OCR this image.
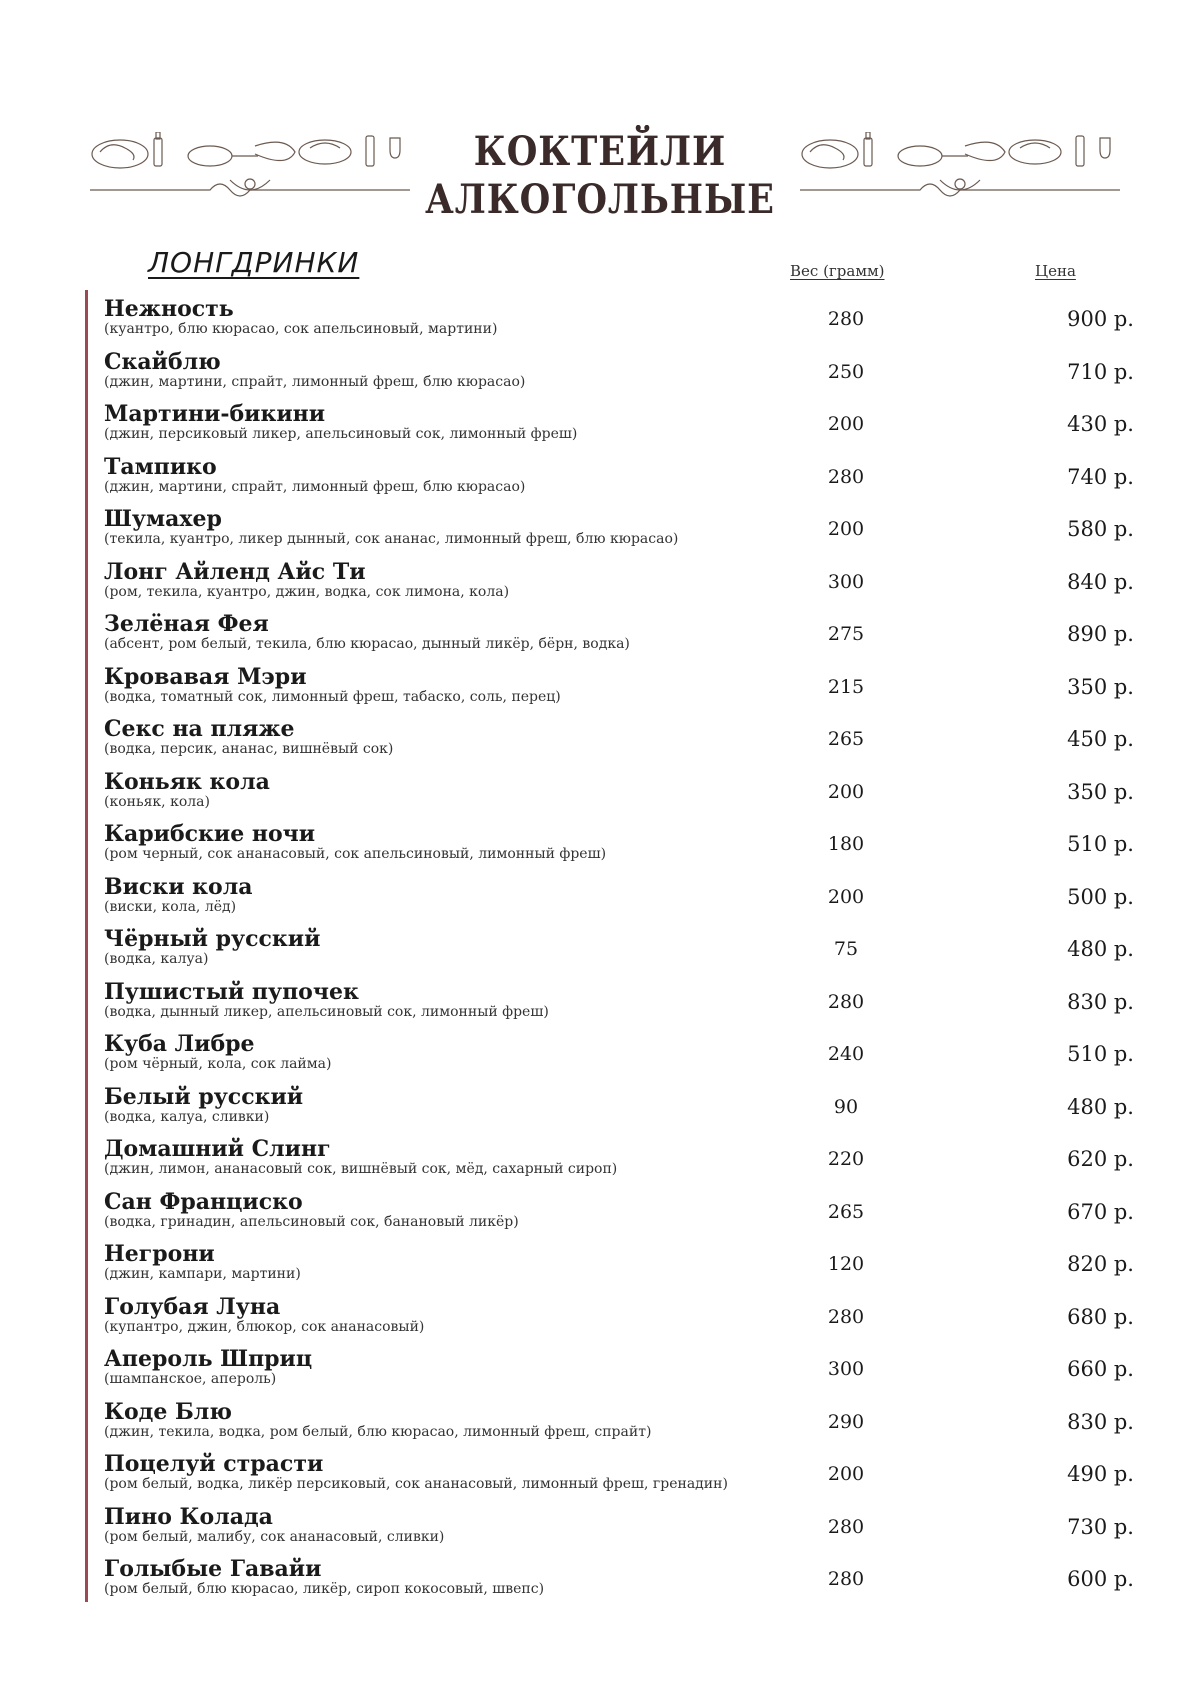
КОКТЕЙЛИ
АЛКОГОЛЬНЫЕ
ЛОНГДРИНКИ	Вес (грамм)	Цена
Нежность
(куантро, блю кюрасао, сок апельсиновый, мартини)	280	900 р.
Скайблю
(джин, мартини, спрайт, лимонный фреш, блю кюрасао)	250	710 р.
Мартини-бикини
(джин, персиковый ликер, апельсиновый сок, лимонный фреш)	200	430 р.
Тампико
(джин, мартини, спрайт, лимонный фреш, блю кюрасао)	280	740 р.
Шумахер
(текила, куантро, ликер дынный, сок ананас, лимонный фреш, блю кюрасао)	200	580 р.
Лонг Айленд Айс Ти
(ром, текила, куантро, джин, водка, сок лимона, кола)	300	840 р.
Зелёная Фея
(абсент, ром белый, текила, блю кюрасао, дынный ликёр, бёрн, водка)	275	890 р.
Кровавая Мэри
(водка, томатный сок, лимонный фреш, табаско, соль, перец)	215	350 р.
Секс на пляже
(водка, персик, ананас, вишнёвый сок)	265	450 р.
Коньяк кола
(коньяк, кола)	200	350 р.
Карибские ночи
(ром черный, сок ананасовый, сок апельсиновый, лимонный фреш)	180	510 р.
Виски кола
(виски, кола, лёд)	200	500 р.
Чёрный русский
(водка, калуа)	75	480 р.
Пушистый пупочек
(водка, дынный ликер, апельсиновый сок, лимонный фреш)	280	830 р.
Куба Либре
(ром чёрный, кола, сок лайма)	240	510 р.
Белый русский
(водка, калуа, сливки)	90	480 р.
Домашний Слинг
(джин, лимон, ананасовый сок, вишнёвый сок, мёд, сахарный сироп)	220	620 р.
Сан Франциско
(водка, гринадин, апельсиновый сок, банановый ликёр)	265	670 р.
Негрони
(джин, кампари, мартини)	120	820 р.
Голубая Луна
(купантро, джин, блюкор, сок ананасовый)	280	680 р.
Апероль Шприц
(шампанское, апероль)	300	660 р.
Коде Блю
(джин, текила, водка, ром белый, блю кюрасао, лимонный фреш, спрайт)	290	830 р.
Поцелуй страсти
(ром белый, водка, ликёр персиковый, сок ананасовый, лимонный фреш, гренадин)	200	490 р.
Пино Колада
(ром белый, малибу, сок ананасовый, сливки)	280	730 р.
Голыбые Гавайи
(ром белый, блю кюрасао, ликёр, сироп кокосовый, швепс)	280	600 р.
